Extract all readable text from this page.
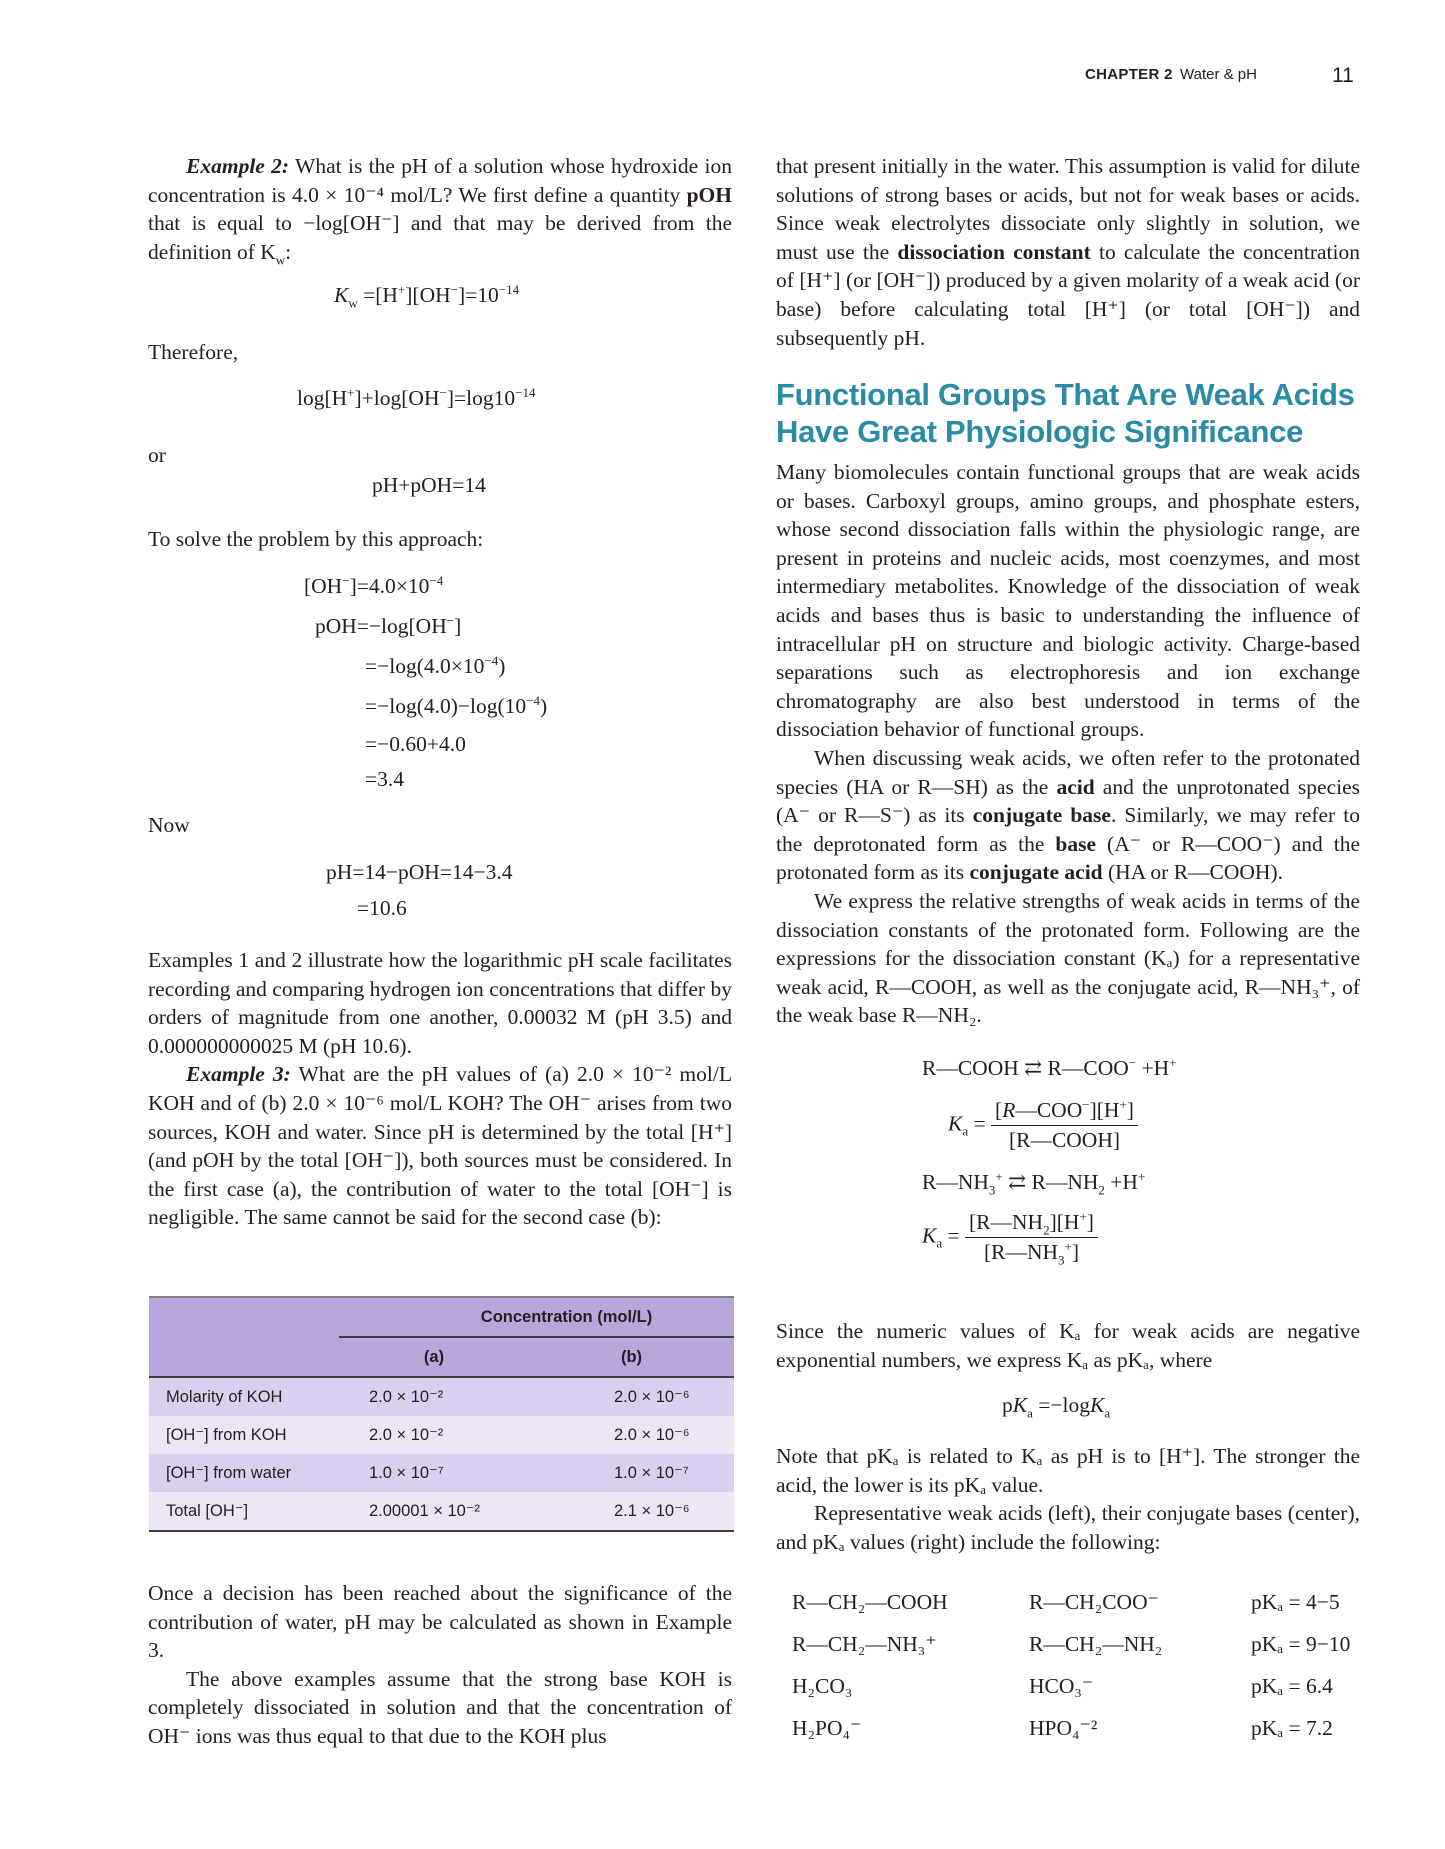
CHAPTER 2 Water & pH	11

Example 2: What is the pH of a solution whose hydroxide ion concentration is 4.0 × 10⁻⁴ mol/L? We first define a quantity pOH that is equal to −log[OH⁻] and that may be derived from the definition of $K_w$:

$K_w =[H^+][OH^-]=10^{-14}$
Therefore,
$\log[H^+]+\log[OH^-]=\log 10^{-14}$
or
pH+pOH=14
To solve the problem by this approach:
$[OH^-]=4.0\times 10^{-4}$
pOH=−log[OH−]
$=-\log(4.0\times 10^{-4})$
$=-\log(4.0)-\log(10^{-4})$
=−0.60+4.0
=3.4
Now
pH=14−pOH=14−3.4
=10.6

Examples 1 and 2 illustrate how the logarithmic pH scale facilitates recording and comparing hydrogen ion concentrations that differ by orders of magnitude from one another, 0.00032 M (pH 3.5) and 0.000000000025 M (pH 10.6).

Example 3: What are the pH values of (a) 2.0 × 10⁻² mol/L KOH and of (b) 2.0 × 10⁻⁶ mol/L KOH? The OH⁻ arises from two sources, KOH and water. Since pH is determined by the total [H⁺] (and pOH by the total [OH⁻]), both sources must be considered. In the first case (a), the contribution of water to the total [OH⁻] is negligible. The same cannot be said for the second case (b):

	Concentration (mol/L)	
	(a)	(b)
Molarity of KOH	2.0 × 10⁻²	2.0 × 10⁻⁶
[OH⁻] from KOH	2.0 × 10⁻²	2.0 × 10⁻⁶
[OH⁻] from water	1.0 × 10⁻⁷	1.0 × 10⁻⁷
Total [OH⁻]	2.00001 × 10⁻²	2.1 × 10⁻⁶

Once a decision has been reached about the significance of the contribution of water, pH may be calculated as shown in Example 3.

The above examples assume that the strong base KOH is completely dissociated in solution and that the concentration of OH⁻ ions was thus equal to that due to the KOH plus

that present initially in the water. This assumption is valid for dilute solutions of strong bases or acids, but not for weak bases or acids. Since weak electrolytes dissociate only slightly in solution, we must use the dissociation constant to calculate the concentration of [H⁺] (or [OH⁻]) produced by a given molarity of a weak acid (or base) before calculating total [H⁺] (or total [OH⁻]) and subsequently pH.

Functional Groups That Are Weak Acids Have Great Physiologic Significance

Many biomolecules contain functional groups that are weak acids or bases. Carboxyl groups, amino groups, and phosphate esters, whose second dissociation falls within the physiologic range, are present in proteins and nucleic acids, most coenzymes, and most intermediary metabolites. Knowledge of the dissociation of weak acids and bases thus is basic to understanding the influence of intracellular pH on structure and biologic activity. Charge-based separations such as electrophoresis and ion exchange chromatography are also best understood in terms of the dissociation behavior of functional groups.

When discussing weak acids, we often refer to the protonated species (HA or R—SH) as the acid and the unprotonated species (A⁻ or R—S⁻) as its conjugate base. Similarly, we may refer to the deprotonated form as the base (A⁻ or R—COO⁻) and the protonated form as its conjugate acid (HA or R—COOH).

We express the relative strengths of weak acids in terms of the dissociation constants of the protonated form. Following are the expressions for the dissociation constant (Kₐ) for a representative weak acid, R—COOH, as well as the conjugate acid, R—NH₃⁺, of the weak base R—NH₂.

R—COOH ⇄ R—COO− +H+
$K_a = \frac{[R—COO^-][H^+]}{\text{[R—COOH]}}$
$R—NH_3^+$ ⇄ $R—NH_2 +H^+$
$K_a = \frac{[R—NH_2][H^+]}{[R—NH_3^+]}$

Since the numeric values of Kₐ for weak acids are negative exponential numbers, we express Kₐ as pKₐ, where

$pK_a =-\log K_a$

Note that pKₐ is related to Kₐ as pH is to [H⁺]. The stronger the acid, the lower is its pKₐ value.

Representative weak acids (left), their conjugate bases (center), and pKₐ values (right) include the following:

R—CH₂—COOH	R—CH₂COO⁻	pKₐ = 4−5
R—CH₂—NH₃⁺	R—CH₂—NH₂	pKₐ = 9−10
H₂CO₃	HCO₃⁻	pKₐ = 6.4
H₂PO₄⁻	HPO₄⁻²	pKₐ = 7.2
